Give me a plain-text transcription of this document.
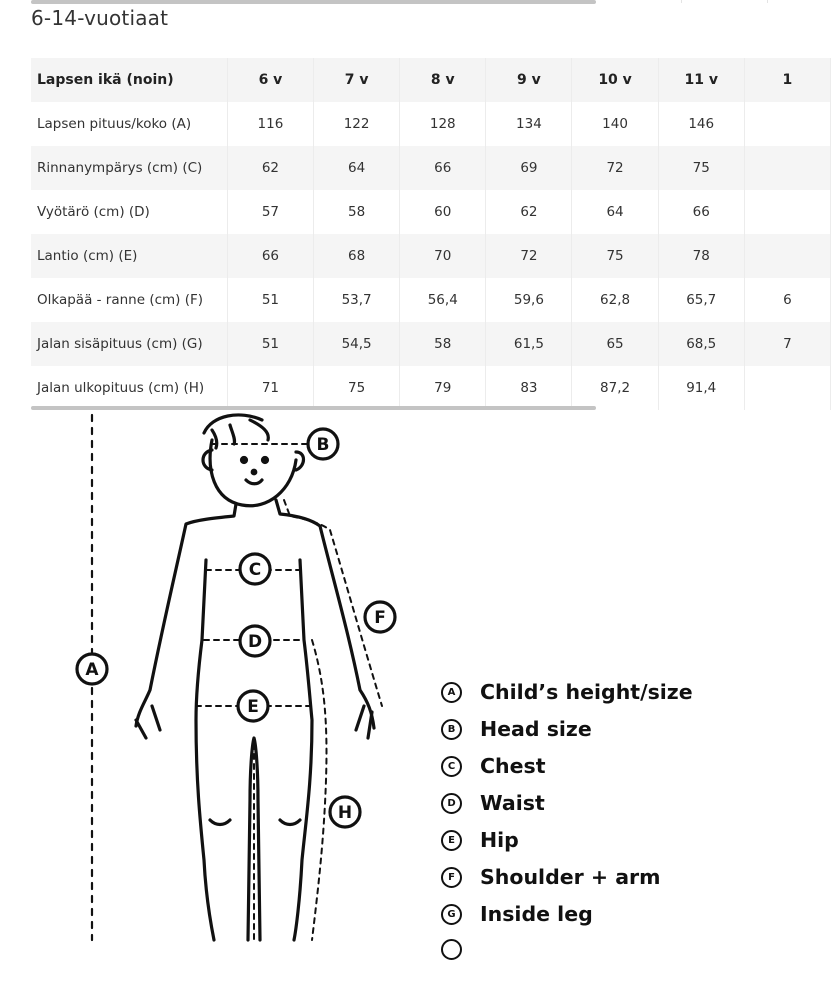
6-14-vuotiaat
Lapsen ikä (noin)	6 v	7 v	8 v	9 v	10 v	11 v	1
Lapsen pituus/koko (A)	116	122	128	134	140	146	
Rinnanympärys (cm) (C)	62	64	66	69	72	75	
Vyötärö (cm) (D)	57	58	60	62	64	66	
Lantio (cm) (E)	66	68	70	72	75	78	
Olkapää - ranne (cm) (F)	51	53,7	56,4	59,6	62,8	65,7	6
Jalan sisäpituus (cm) (G)	51	54,5	58	61,5	65	68,5	7
Jalan ulkopituus (cm) (H)	71	75	79	83	87,2	91,4	
A
B
C
D
E
F
H
A	Child’s height/size
B	Head size
C	Chest
D	Waist
E	Hip
F	Shoulder + arm
G	Inside leg
